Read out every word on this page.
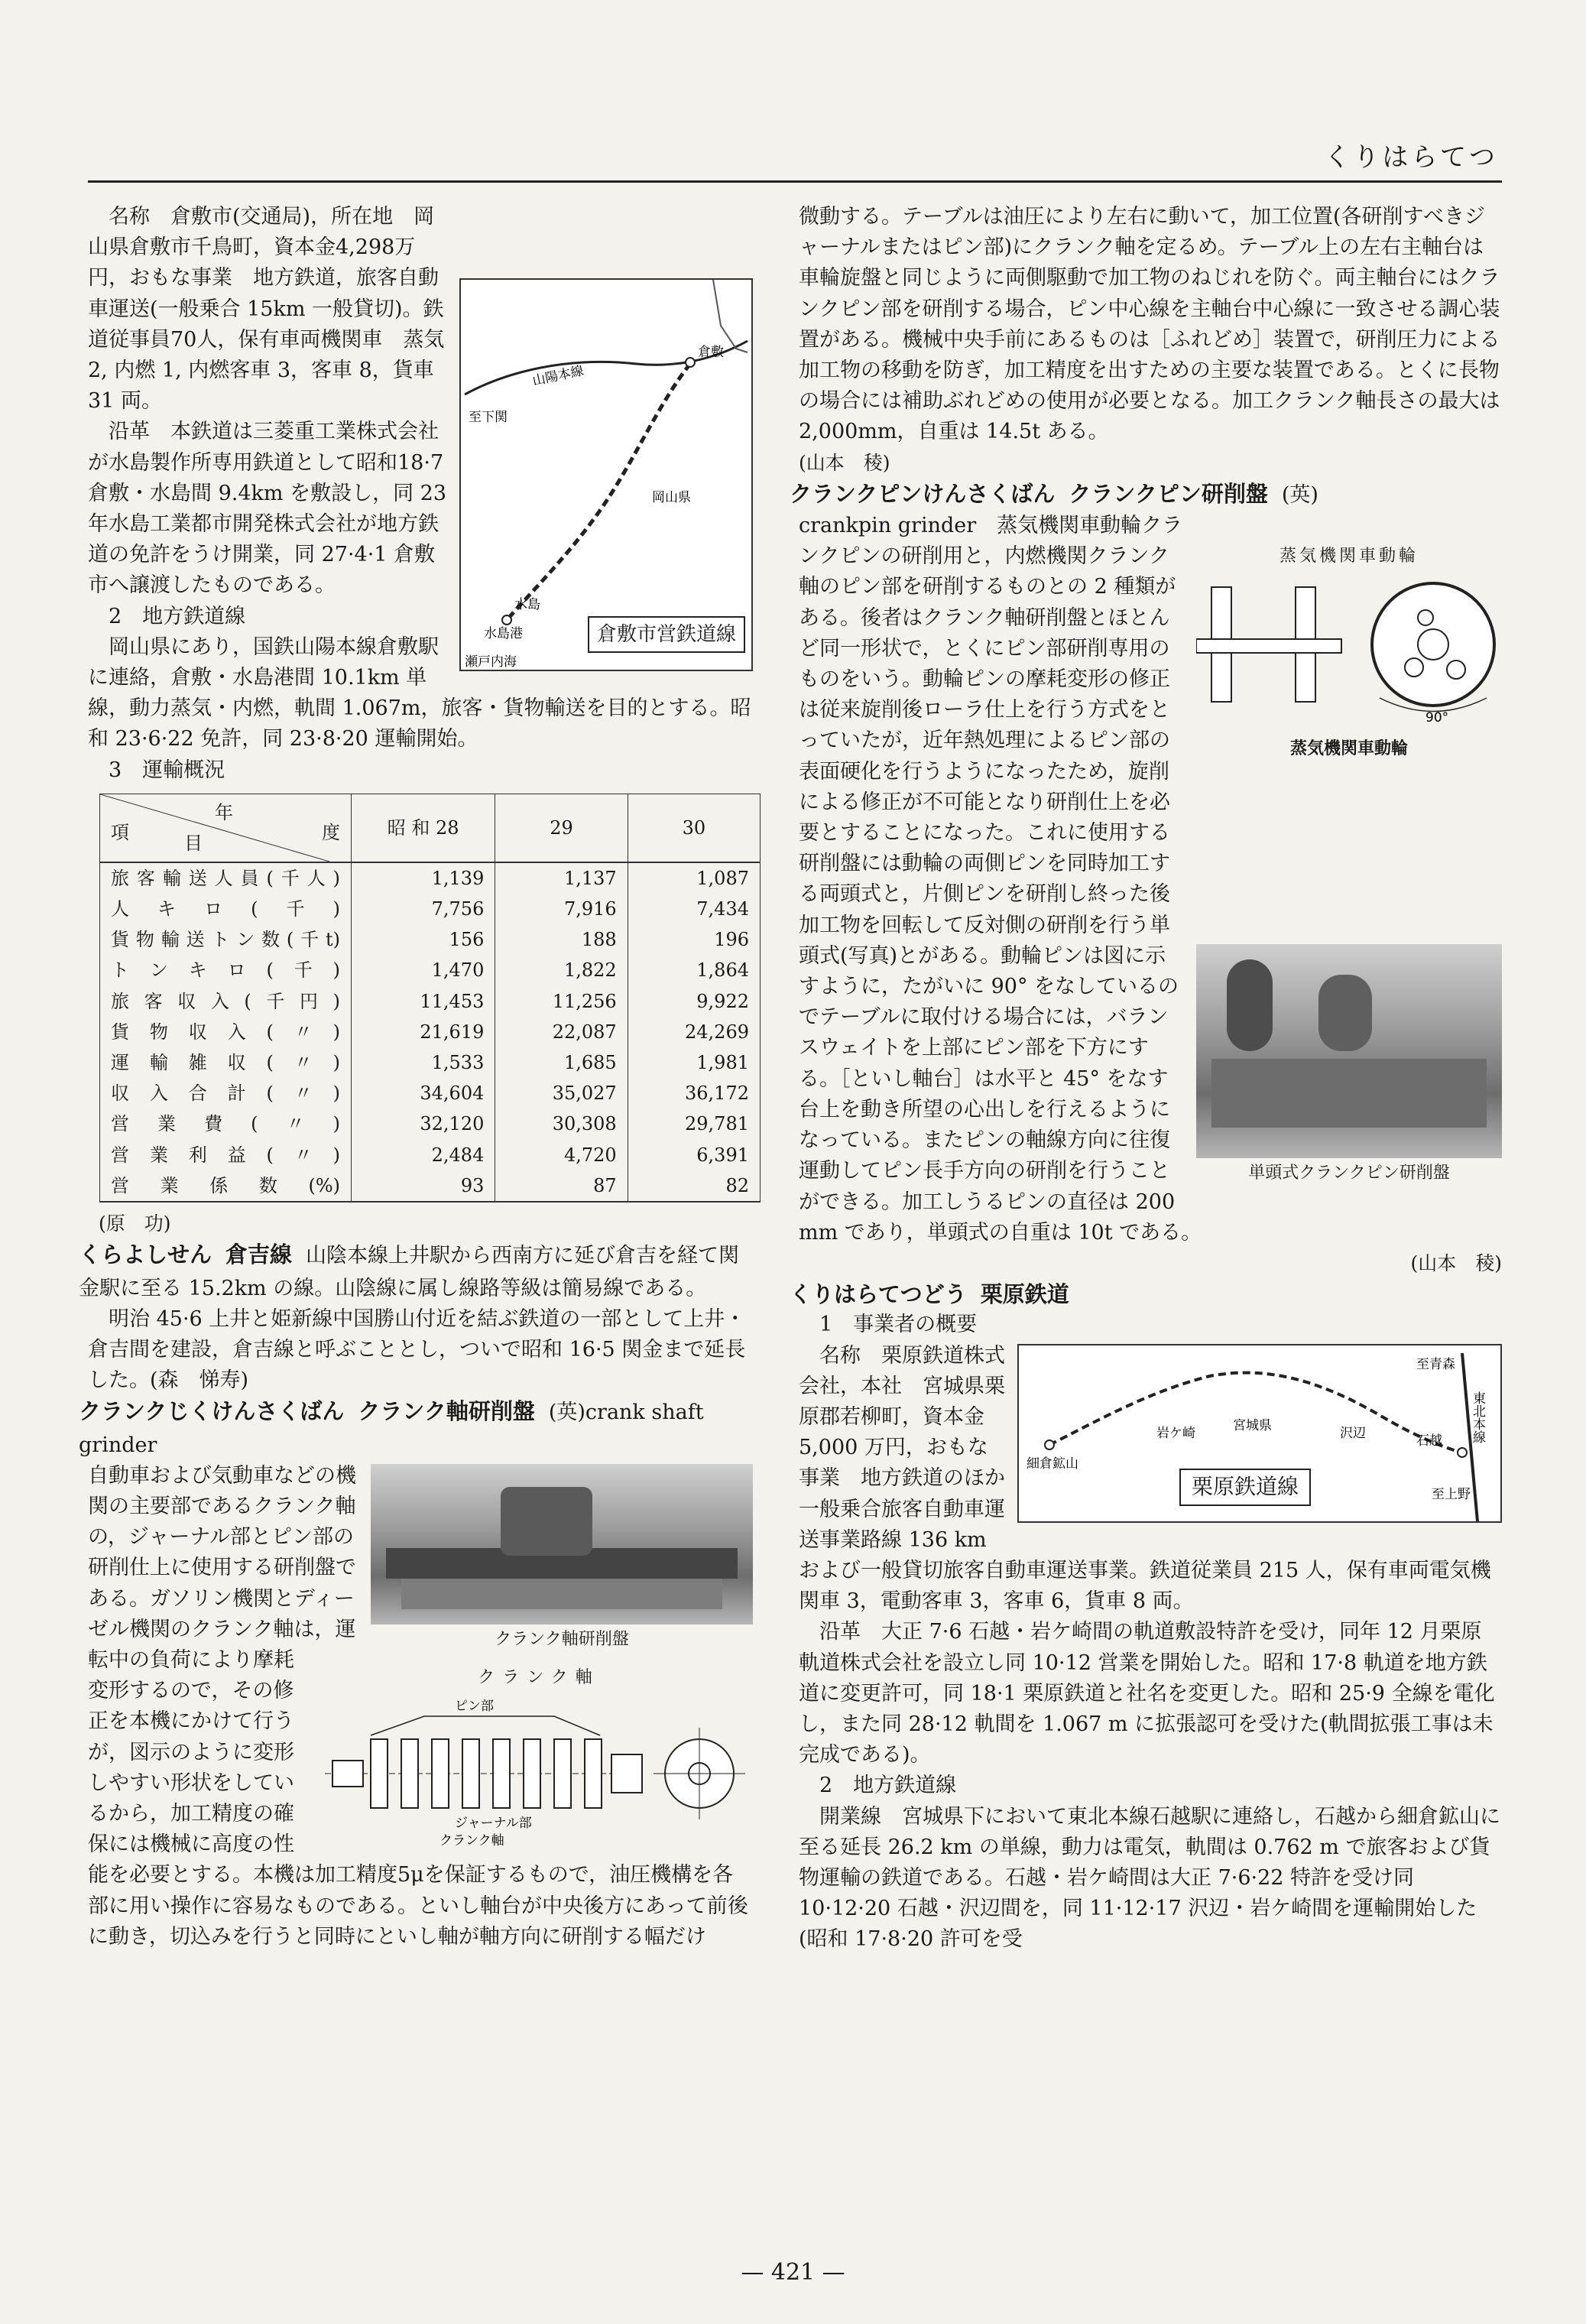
くりはらてつ
山陽本線
至下関
倉敷
岡山県
水島
水島港
瀬戸内海
倉敷市営鉄道線

名称　倉敷市(交通局)，所在地　岡山県倉敷市千鳥町，資本金4,298万円，おもな事業　地方鉄道，旅客自動車運送(一般乗合 15km 一般貸切)。鉄道従事員70人，保有車両機関車　蒸気 2, 内燃 1, 内燃客車 3，客車 8，貨車 31 両。

沿革　本鉄道は三菱重工業株式会社が水島製作所専用鉄道として昭和18·7 倉敷・水島間 9.4km を敷設し，同 23 年水島工業都市開発株式会社が地方鉄道の免許をうけ開業，同 27·4·1 倉敷市へ譲渡したものである。

2　地方鉄道線

岡山県にあり，国鉄山陽本線倉敷駅に連絡，倉敷・水島港間 10.1km 単線，動力蒸気・内燃，軌間 1.067m，旅客・貨物輸送を目的とする。昭和 23·6·22 免許，同 23·8·20 運輸開始。

3　運輸概況

年
度
項 目	昭 和 28	29	30
旅客輸送人員(千人)	1,139	1,137	1,087
人キロ(千)	7,756	7,916	7,434
貨物輸送トン数(千t)	156	188	196
トンキロ(千)	1,470	1,822	1,864
旅客収入(千円)	11,453	11,256	9,922
貨物収入(〃)	21,619	22,087	24,269
運輸雑収(〃)	1,533	1,685	1,981
収入合計(〃)	34,604	35,027	36,172
営業費(〃)	32,120	30,308	29,781
営業利益(〃)	2,484	4,720	6,391
営業係数(%)	93	87	82

(原　功)

くらよしせん 倉吉線 山陰本線上井駅から西南方に延び倉吉を経て関金駅に至る 15.2km の線。山陰線に属し線路等級は簡易線である。

明治 45·6 上井と姫新線中国勝山付近を結ぶ鉄道の一部として上井・倉吉間を建設，倉吉線と呼ぶこととし，ついで昭和 16·5 関金まで延長した。(森　悌寿)

クランクじくけんさくばん クランク軸研削盤 (英)crank shaft grinder

クランク軸研削盤
クランク軸
ピン部
ジャーナル部
クランク軸

自動車および気動車などの機関の主要部であるクランク軸の，ジャーナル部とピン部の研削仕上に使用する研削盤である。ガソリン機関とディーゼル機関のクランク軸は，運転中の負荷により摩耗変形するので，その修正を本機にかけて行うが，図示のように変形しやすい形状をしているから，加工精度の確保には機械に高度の性能を必要とする。本機は加工精度5μを保証するもので，油圧機構を各部に用い操作に容易なものである。といし軸台が中央後方にあって前後に動き，切込みを行うと同時にといし軸が軸方向に研削する幅だけ

微動する。テーブルは油圧により左右に動いて，加工位置(各研削すべきジャーナルまたはピン部)にクランク軸を定るめ。テーブル上の左右主軸台は車輪旋盤と同じように両側駆動で加工物のねじれを防ぐ。両主軸台にはクランクピン部を研削する場合，ピン中心線を主軸台中心線に一致させる調心装置がある。機械中央手前にあるものは［ふれどめ］装置で，研削圧力による加工物の移動を防ぎ，加工精度を出すための主要な装置である。とくに長物の場合には補助ぶれどめの使用が必要となる。加工クランク軸長さの最大は 2,000mm，自重は 14.5t ある。

(山本　稜)

クランクピンけんさくばん クランクピン研削盤 (英)

蒸気機関車動輪
90°
蒸気機関車動輪
単頭式クランクピン研削盤

crankpin grinder　蒸気機関車動輪クランクピンの研削用と，内燃機関クランク軸のピン部を研削するものとの 2 種類がある。後者はクランク軸研削盤とほとんど同一形状で，とくにピン部研削専用のものをいう。動輪ピンの摩耗変形の修正は従来旋削後ローラ仕上を行う方式をとっていたが，近年熱処理によるピン部の表面硬化を行うようになったため，旋削による修正が不可能となり研削仕上を必要とすることになった。これに使用する研削盤には動輪の両側ピンを同時加工する両頭式と，片側ピンを研削し終った後加工物を回転して反対側の研削を行う単頭式(写真)とがある。動輪ピンは図に示すように，たがいに 90° をなしているのでテーブルに取付ける場合には，バランスウェイトを上部にピン部を下方にする。［といし軸台］は水平と 45° をなす台上を動き所望の心出しを行えるようになっている。またピンの軸線方向に往復運動してピン長手方向の研削を行うことができる。加工しうるピンの直径は 200 mm であり，単頭式の自重は 10t である。

(山本　稜)

くりはらてつどう 栗原鉄道

1　事業者の概要

至青森
至上野
宮城県
細倉鉱山
石越
沢辺
岩ケ崎	東北本線
栗原鉄道線

名称　栗原鉄道株式会社，本社　宮城県栗原郡若柳町，資本金 5,000 万円，おもな事業　地方鉄道のほか一般乗合旅客自動車運送事業路線 136 km および一般貸切旅客自動車運送事業。鉄道従業員 215 人，保有車両電気機関車 3，電動客車 3，客車 6，貨車 8 両。

沿革　大正 7·6 石越・岩ケ崎間の軌道敷設特許を受け，同年 12 月栗原軌道株式会社を設立し同 10·12 営業を開始した。昭和 17·8 軌道を地方鉄道に変更許可，同 18·1 栗原鉄道と社名を変更した。昭和 25·9 全線を電化し，また同 28·12 軌間を 1.067 m に拡張認可を受けた(軌間拡張工事は未完成である)。

2　地方鉄道線

開業線　宮城県下において東北本線石越駅に連絡し，石越から細倉鉱山に至る延長 26.2 km の単線，動力は電気，軌間は 0.762 m で旅客および貨物運輸の鉄道である。石越・岩ケ崎間は大正 7·6·22 特許を受け同 10·12·20 石越・沢辺間を，同 11·12·17 沢辺・岩ケ崎間を運輸開始した (昭和 17·8·20 許可を受

— 421 —
